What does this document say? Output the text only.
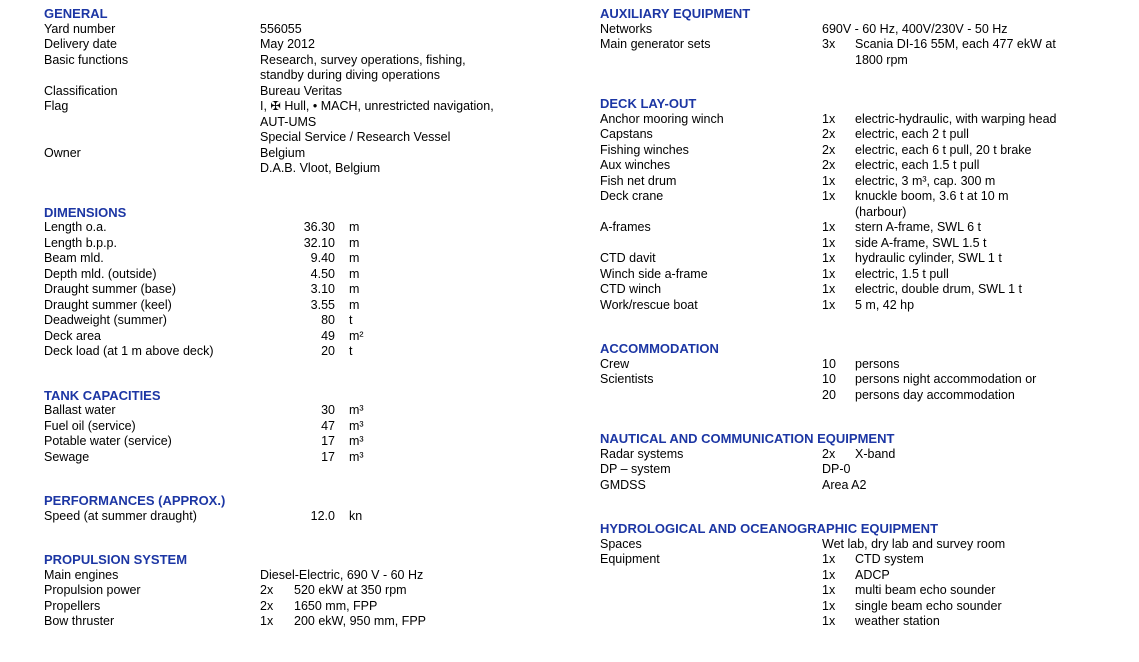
GENERAL
Yard number	556055
Delivery date	May 2012
Basic functions	Research, survey operations, fishing,
standby during diving operations
Classification	Bureau Veritas
Flag	I, ✠ Hull, • MACH, unrestricted navigation,
AUT-UMS
Special Service / Research Vessel
Owner	Belgium
D.A.B. Vloot, Belgium
DIMENSIONS
Length o.a.	36.30 m
Length b.p.p.	32.10 m
Beam mld.	9.40 m
Depth mld. (outside)	4.50 m
Draught summer (base)	3.10 m
Draught summer (keel)	3.55 m
Deadweight (summer)	80 t
Deck area	49 m²
Deck load (at 1 m above deck)	20 t
TANK CAPACITIES
Ballast water	30 m³
Fuel oil (service)	47 m³
Potable water (service)	17 m³
Sewage	17 m³
PERFORMANCES (APPROX.)
Speed (at summer draught)	12.0 kn
PROPULSION SYSTEM
Main engines	Diesel-Electric, 690 V - 60 Hz
Propulsion power	2x	520 ekW at 350 rpm
Propellers	2x	1650 mm, FPP
Bow thruster	1x	200 ekW, 950 mm, FPP
AUXILIARY EQUIPMENT
Networks	690V - 60 Hz, 400V/230V - 50 Hz
Main generator sets	3x	Scania DI-16 55M, each 477 ekW at
1800 rpm
DECK LAY-OUT
Anchor mooring winch	1x	electric-hydraulic, with warping head
Capstans	2x	electric, each 2 t pull
Fishing winches	2x	electric, each 6 t pull, 20 t brake
Aux winches	2x	electric, each 1.5 t pull
Fish net drum	1x	electric, 3 m³, cap. 300 m
Deck crane	1x	knuckle boom, 3.6 t at 10 m
(harbour)
A-frames	1x	stern A-frame, SWL 6 t
1x	side A-frame, SWL 1.5 t
CTD davit	1x	hydraulic cylinder, SWL 1 t
Winch side a-frame	1x	electric, 1.5 t pull
CTD winch	1x	electric, double drum, SWL 1 t
Work/rescue boat	1x	5 m, 42 hp
ACCOMMODATION
Crew	10	persons
Scientists	10	persons night accommodation or
20	persons day accommodation
NAUTICAL AND COMMUNICATION EQUIPMENT
Radar systems	2x	X-band
DP – system	DP-0
GMDSS	Area A2
HYDROLOGICAL AND OCEANOGRAPHIC EQUIPMENT
Spaces	Wet lab, dry lab and survey room
Equipment	1x	CTD system
1x	ADCP
1x	multi beam echo sounder
1x	single beam echo sounder
1x	weather station
